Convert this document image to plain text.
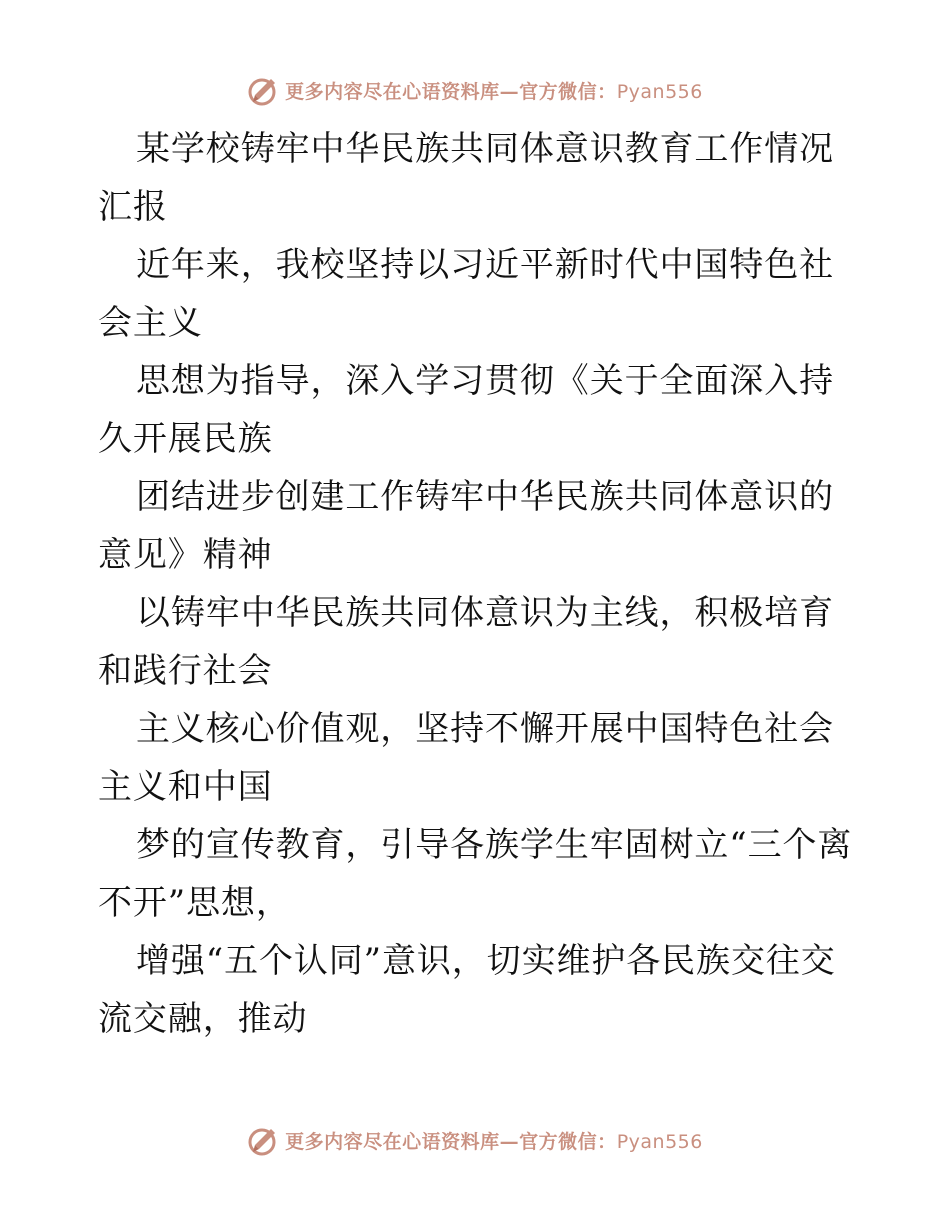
更多内容尽在心语资料库—官方微信：Pyan556

某学校铸牢中华民族共同体意识教育工作情况汇报

近年来，我校坚持以习近平新时代中国特色社会主义

思想为指导，深入学习贯彻《关于全面深入持久开展民族

团结进步创建工作铸牢中华民族共同体意识的意见》精神

以铸牢中华民族共同体意识为主线，积极培育和践行社会

主义核心价值观，坚持不懈开展中国特色社会主义和中国

梦的宣传教育，引导各族学生牢固树立“三个离不开”思想，

增强“五个认同”意识，切实维护各民族交往交流交融，推动

更多内容尽在心语资料库—官方微信：Pyan556
